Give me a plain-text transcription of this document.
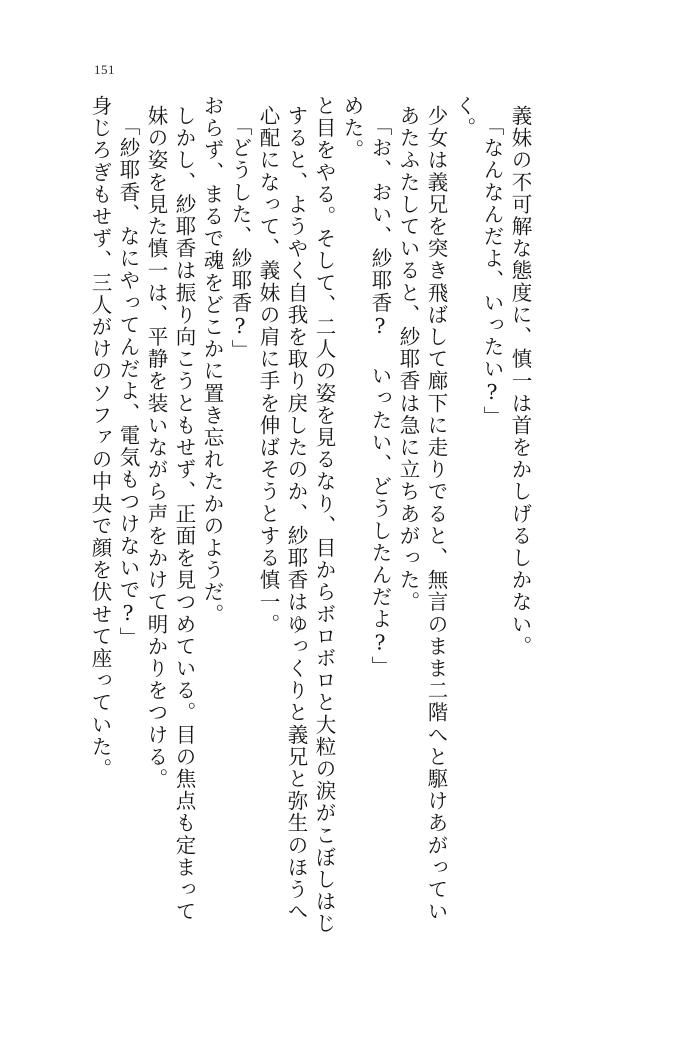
151
身じろぎもせず、三人がけのソファの中央で顔を伏せて座っていた。 「紗耶香、なにやってんだよ、電気もつけないで?」 妹の姿を見た慎一は、平静を装いながら声をかけて明かりをつける。 しかし、紗耶香は振り向こうともせず、正面を見つめている。目の焦点も定まって おらず、まるで魂をどこかに置き忘れたかのようだ。 「どうした、紗耶香?」 心配になって、義妹の肩に手を伸ばそうとする慎一。 すると、ようやく自我を取り戻したのか、紗耶香はゆっくりと義兄と弥生のほうへ と目をやる。そして、二人の姿を見るなり、目からボロボロと大粒の涙がこぼしはじ めた。 「お、おい、紗耶香? いったい、どうしたんだよ?」 あたふたしていると、紗耶香は急に立ちあがった。 少女は義兄を突き飛ばして廊下に走りでると、無言のまま二階へと駆けあがってい く。 「なんなんだよ、いったい?」 義妹の不可解な態度に、慎一は首をかしげるしかない。
